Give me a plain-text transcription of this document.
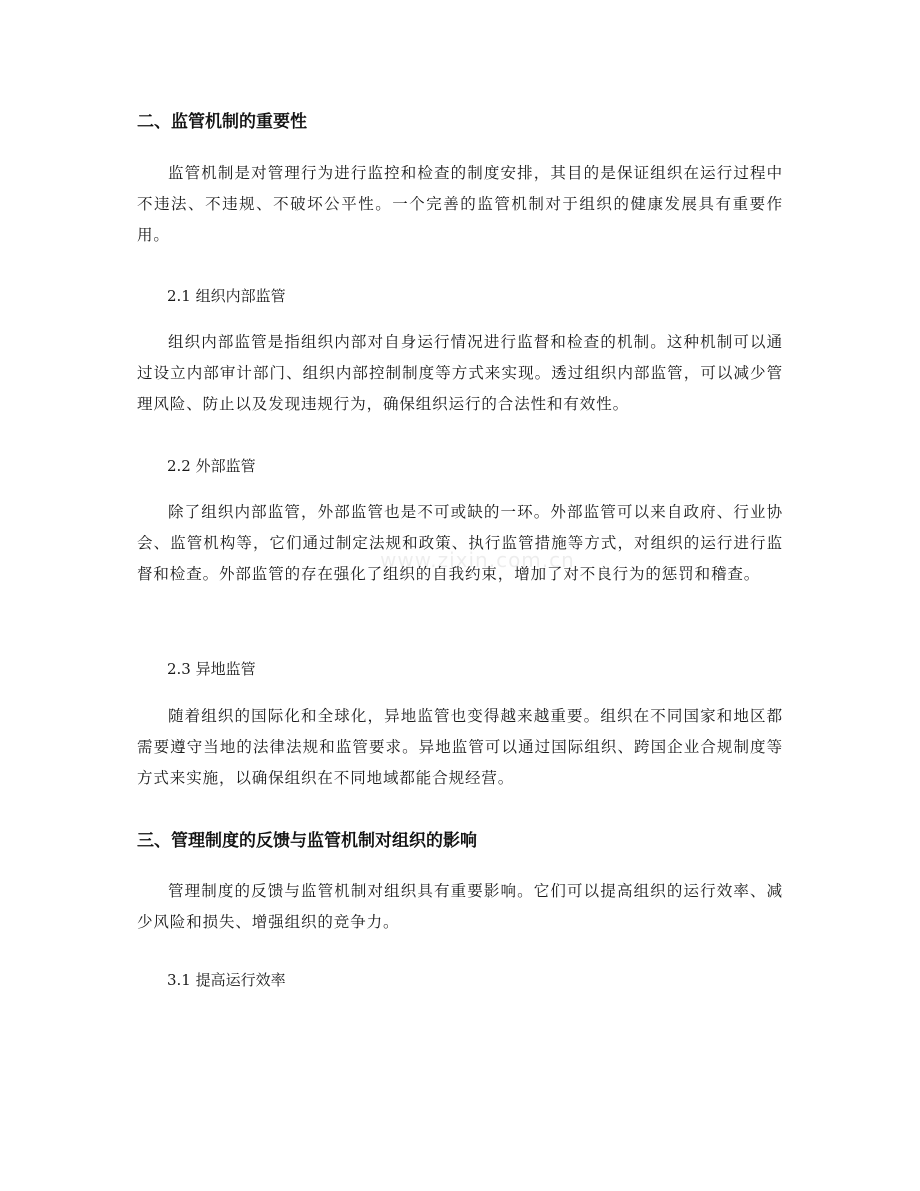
二、监管机制的重要性
监管机制是对管理行为进行监控和检查的制度安排，其目的是保证组织在运行过程中不违法、不违规、不破坏公平性。一个完善的监管机制对于组织的健康发展具有重要作用。
2.1 组织内部监管
组织内部监管是指组织内部对自身运行情况进行监督和检查的机制。这种机制可以通过设立内部审计部门、组织内部控制制度等方式来实现。透过组织内部监管，可以减少管理风险、防止以及发现违规行为，确保组织运行的合法性和有效性。
2.2 外部监管
除了组织内部监管，外部监管也是不可或缺的一环。外部监管可以来自政府、行业协会、监管机构等，它们通过制定法规和政策、执行监管措施等方式，对组织的运行进行监督和检查。外部监管的存在强化了组织的自我约束，增加了对不良行为的惩罚和稽查。
www.zixin.com.cn
2.3 异地监管
随着组织的国际化和全球化，异地监管也变得越来越重要。组织在不同国家和地区都需要遵守当地的法律法规和监管要求。异地监管可以通过国际组织、跨国企业合规制度等方式来实施，以确保组织在不同地域都能合规经营。
三、管理制度的反馈与监管机制对组织的影响
管理制度的反馈与监管机制对组织具有重要影响。它们可以提高组织的运行效率、减少风险和损失、增强组织的竞争力。
3.1 提高运行效率
